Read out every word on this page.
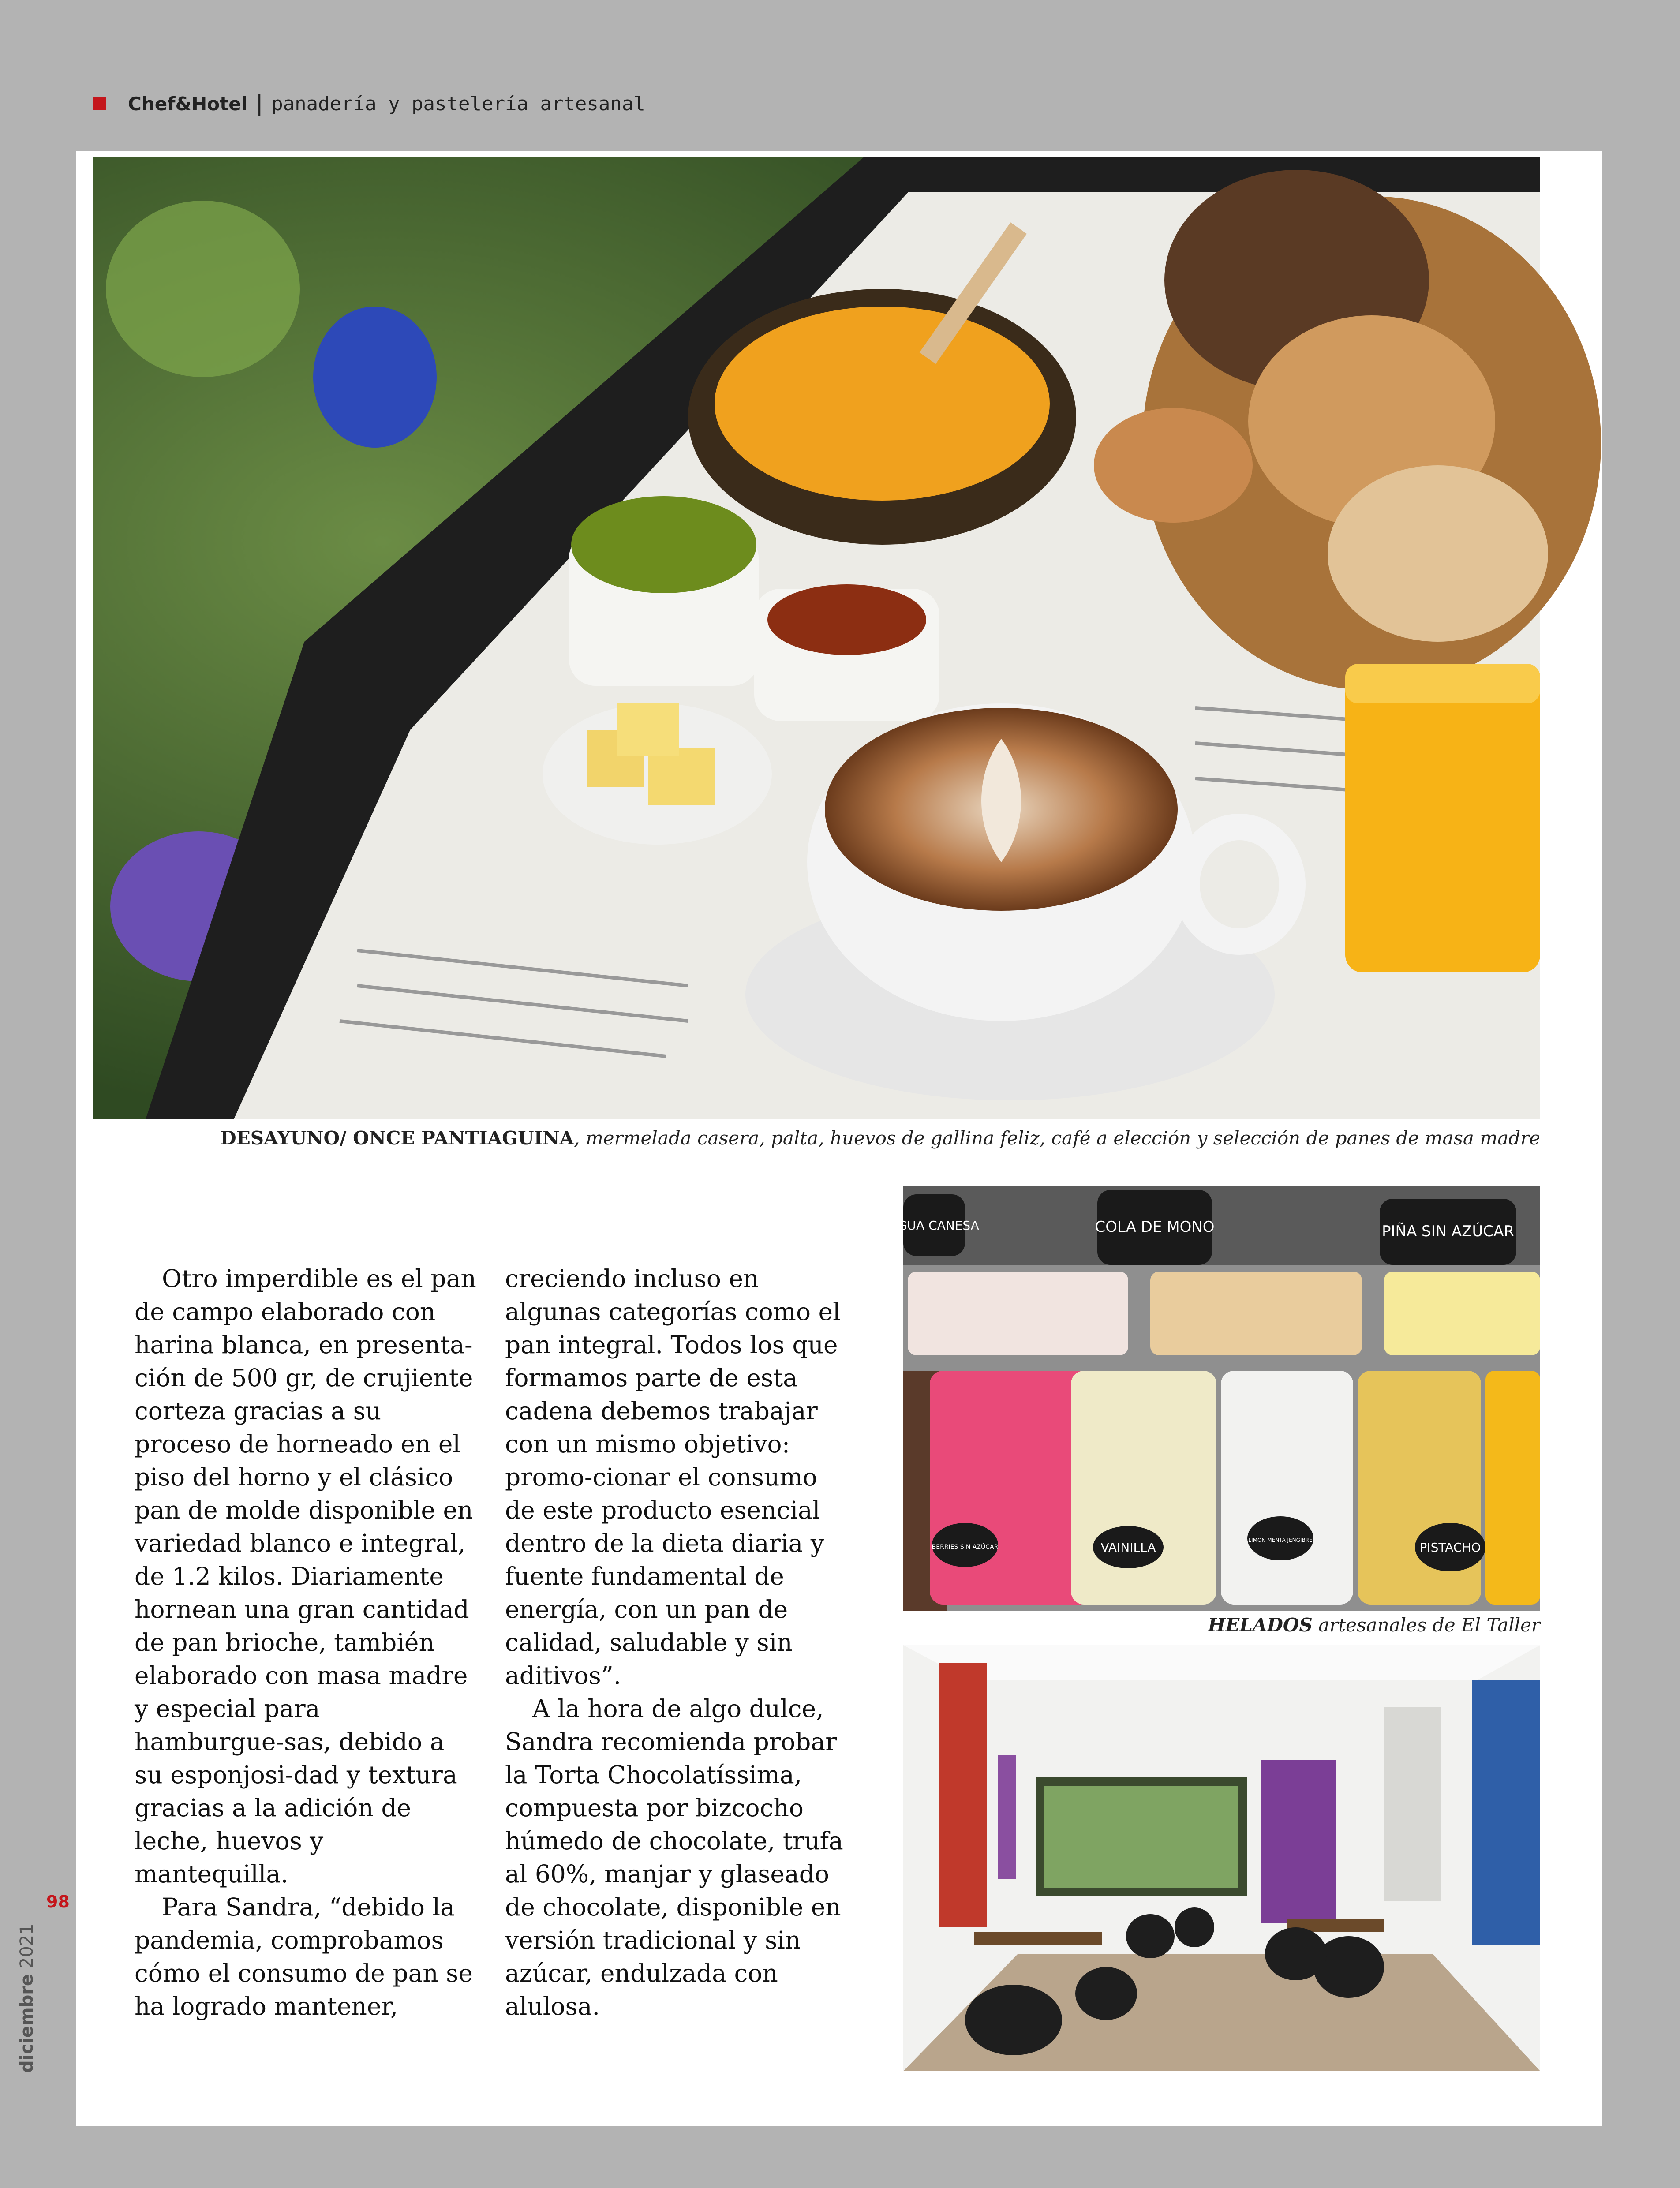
Chef&Hotel | panadería y pastelería artesanal
DESAYUNO/ ONCE PANTIAGUINA, mermelada casera, palta, huevos de gallina feliz, café a elección y selección de panes de masa madre

Otro imperdible es el pan de campo elaborado con harina blanca, en presenta-ción de 500 gr, de crujiente corteza gracias a su proceso de horneado en el piso del horno y el clásico pan de molde disponible en variedad blanco e integral, de 1.2 kilos. Diariamente hornean una gran cantidad de pan brioche, también elaborado con masa madre y especial para hamburgue-sas, debido a su esponjosi-dad y textura gracias a la adición de leche, huevos y mantequilla.

Para Sandra, “debido la pandemia, comprobamos cómo el consumo de pan se ha logrado mantener,

creciendo incluso en algunas categorías como el pan integral. Todos los que formamos parte de esta cadena debemos trabajar con un mismo objetivo: promo-cionar el consumo de este producto esencial dentro de la dieta diaria y fuente fundamental de energía, con un pan de calidad, saludable y sin aditivos”.

A la hora de algo dulce, Sandra recomienda probar la Torta Chocolatíssima, compuesta por bizcocho húmedo de chocolate, trufa al 60%, manjar y glaseado de chocolate, disponible en versión tradicional y sin azúcar, endulzada con alulosa.

AGUA CANESA	COLA DE MONO	PIÑA SIN AZÚCAR
BERRIES SIN AZÚCAR	VAINILLA	LIMÓN MENTA JENGIBRE	PISTACHO
HELADOS artesanales de El Taller
98
diciembre 2021
